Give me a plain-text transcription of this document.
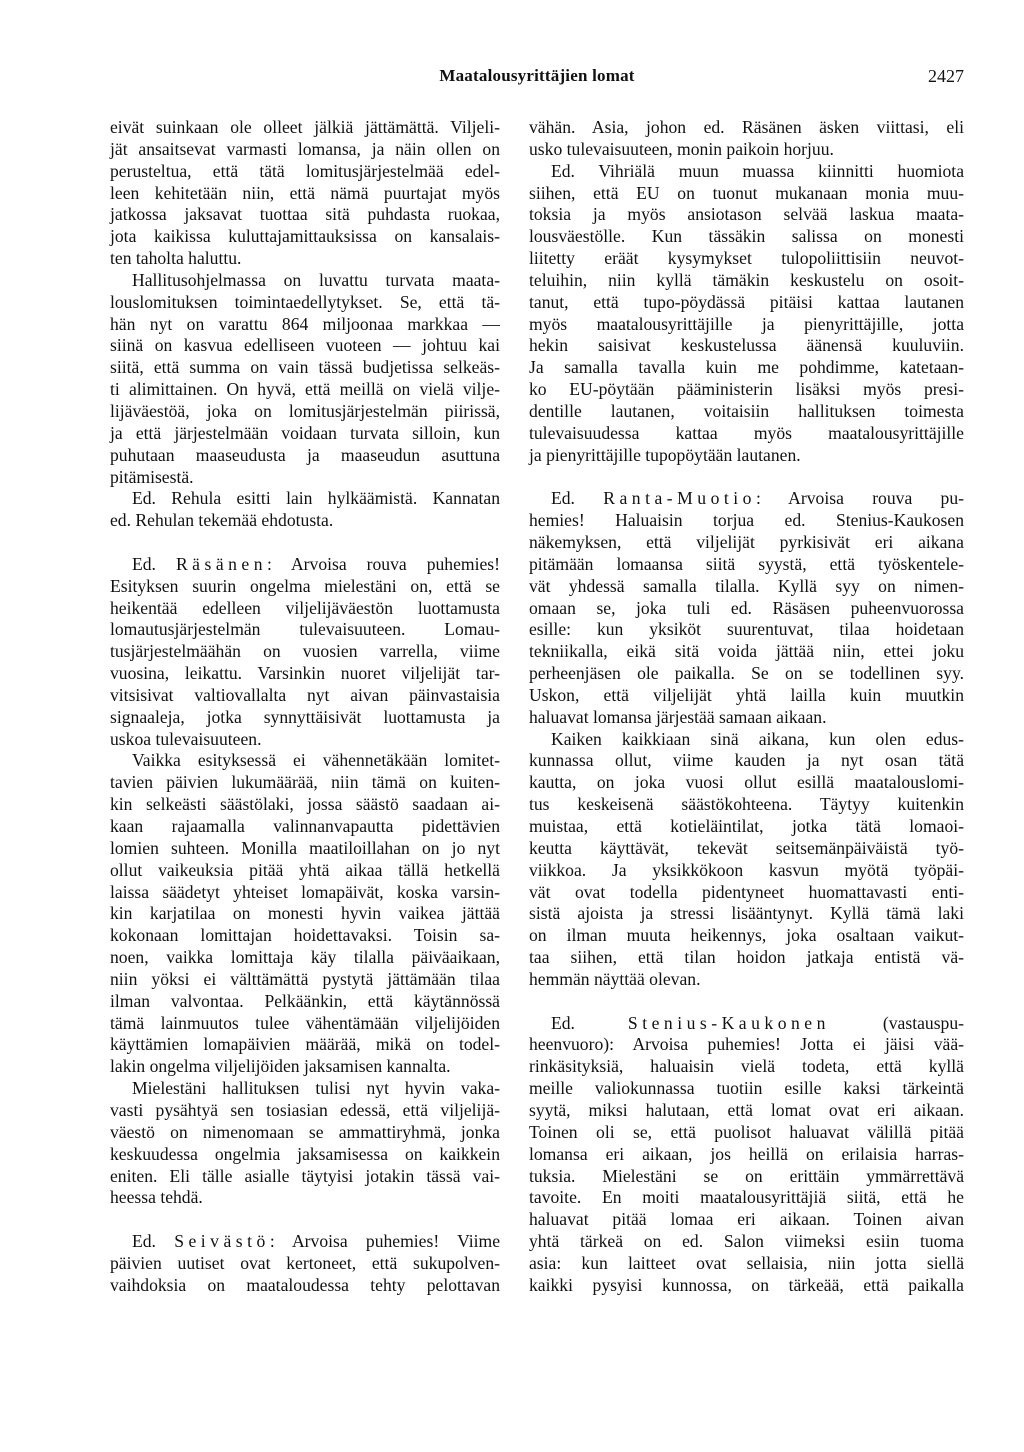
Maatalousyrittäjien lomat	2427
eivät suinkaan ole olleet jälkiä jättämättä. Viljeli-
jät ansaitsevat varmasti lomansa, ja näin ollen on
perusteltua, että tätä lomitusjärjestelmää edel-
leen kehitetään niin, että nämä puurtajat myös
jatkossa jaksavat tuottaa sitä puhdasta ruokaa,
jota kaikissa kuluttajamittauksissa on kansalais-
ten taholta haluttu.
Hallitusohjelmassa on luvattu turvata maata-
louslomituksen toimintaedellytykset. Se, että tä-
hän nyt on varattu 864 miljoonaa markkaa —
siinä on kasvua edelliseen vuoteen — johtuu kai
siitä, että summa on vain tässä budjetissa selkeäs-
ti alimittainen. On hyvä, että meillä on vielä vilje-
lijäväestöä, joka on lomitusjärjestelmän piirissä,
ja että järjestelmään voidaan turvata silloin, kun
puhutaan maaseudusta ja maaseudun asuttuna
pitämisestä.
Ed. Rehula esitti lain hylkäämistä. Kannatan
ed. Rehulan tekemää ehdotusta.
Ed. Räsänen: Arvoisa rouva puhemies!
Esityksen suurin ongelma mielestäni on, että se
heikentää edelleen viljelijäväestön luottamusta
lomautusjärjestelmän tulevaisuuteen. Lomau-
tusjärjestelmäähän on vuosien varrella, viime
vuosina, leikattu. Varsinkin nuoret viljelijät tar-
vitsisivat valtiovallalta nyt aivan päinvastaisia
signaaleja, jotka synnyttäisivät luottamusta ja
uskoa tulevaisuuteen.
Vaikka esityksessä ei vähennetäkään lomitet-
tavien päivien lukumäärää, niin tämä on kuiten-
kin selkeästi säästölaki, jossa säästö saadaan ai-
kaan rajaamalla valinnanvapautta pidettävien
lomien suhteen. Monilla maatiloillahan on jo nyt
ollut vaikeuksia pitää yhtä aikaa tällä hetkellä
laissa säädetyt yhteiset lomapäivät, koska varsin-
kin karjatilaa on monesti hyvin vaikea jättää
kokonaan lomittajan hoidettavaksi. Toisin sa-
noen, vaikka lomittaja käy tilalla päiväaikaan,
niin yöksi ei välttämättä pystytä jättämään tilaa
ilman valvontaa. Pelkäänkin, että käytännössä
tämä lainmuutos tulee vähentämään viljelijöiden
käyttämien lomapäivien määrää, mikä on todel-
lakin ongelma viljelijöiden jaksamisen kannalta.
Mielestäni hallituksen tulisi nyt hyvin vaka-
vasti pysähtyä sen tosiasian edessä, että viljelijä-
väestö on nimenomaan se ammattiryhmä, jonka
keskuudessa ongelmia jaksamisessa on kaikkein
eniten. Eli tälle asialle täytyisi jotakin tässä vai-
heessa tehdä.
Ed. Seivästö: Arvoisa puhemies! Viime
päivien uutiset ovat kertoneet, että sukupolven-
vaihdoksia on maataloudessa tehty pelottavan
vähän. Asia, johon ed. Räsänen äsken viittasi, eli
usko tulevaisuuteen, monin paikoin horjuu.
Ed. Vihriälä muun muassa kiinnitti huomiota
siihen, että EU on tuonut mukanaan monia muu-
toksia ja myös ansiotason selvää laskua maata-
lousväestölle. Kun tässäkin salissa on monesti
liitetty eräät kysymykset tulopoliittisiin neuvot-
teluihin, niin kyllä tämäkin keskustelu on osoit-
tanut, että tupo-pöydässä pitäisi kattaa lautanen
myös maatalousyrittäjille ja pienyrittäjille, jotta
hekin saisivat keskustelussa äänensä kuuluviin.
Ja samalla tavalla kuin me pohdimme, katetaan-
ko EU-pöytään pääministerin lisäksi myös presi-
dentille lautanen, voitaisiin hallituksen toimesta
tulevaisuudessa kattaa myös maatalousyrittäjille
ja pienyrittäjille tupopöytään lautanen.
Ed. Ranta-Muotio: Arvoisa rouva pu-
hemies! Haluaisin torjua ed. Stenius-Kaukosen
näkemyksen, että viljelijät pyrkisivät eri aikana
pitämään lomaansa siitä syystä, että työskentele-
vät yhdessä samalla tilalla. Kyllä syy on nimen-
omaan se, joka tuli ed. Räsäsen puheenvuorossa
esille: kun yksiköt suurentuvat, tilaa hoidetaan
tekniikalla, eikä sitä voida jättää niin, ettei joku
perheenjäsen ole paikalla. Se on se todellinen syy.
Uskon, että viljelijät yhtä lailla kuin muutkin
haluavat lomansa järjestää samaan aikaan.
Kaiken kaikkiaan sinä aikana, kun olen edus-
kunnassa ollut, viime kauden ja nyt osan tätä
kautta, on joka vuosi ollut esillä maatalouslomi-
tus keskeisenä säästökohteena. Täytyy kuitenkin
muistaa, että kotieläintilat, jotka tätä lomaoi-
keutta käyttävät, tekevät seitsemänpäiväistä työ-
viikkoa. Ja yksikkökoon kasvun myötä työpäi-
vät ovat todella pidentyneet huomattavasti enti-
sistä ajoista ja stressi lisääntynyt. Kyllä tämä laki
on ilman muuta heikennys, joka osaltaan vaikut-
taa siihen, että tilan hoidon jatkaja entistä vä-
hemmän näyttää olevan.
Ed. Stenius-Kaukonen (vastauspu-
heenvuoro): Arvoisa puhemies! Jotta ei jäisi vää-
rinkäsityksiä, haluaisin vielä todeta, että kyllä
meille valiokunnassa tuotiin esille kaksi tärkeintä
syytä, miksi halutaan, että lomat ovat eri aikaan.
Toinen oli se, että puolisot haluavat välillä pitää
lomansa eri aikaan, jos heillä on erilaisia harras-
tuksia. Mielestäni se on erittäin ymmärrettävä
tavoite. En moiti maatalousyrittäjiä siitä, että he
haluavat pitää lomaa eri aikaan. Toinen aivan
yhtä tärkeä on ed. Salon viimeksi esiin tuoma
asia: kun laitteet ovat sellaisia, niin jotta siellä
kaikki pysyisi kunnossa, on tärkeää, että paikalla
